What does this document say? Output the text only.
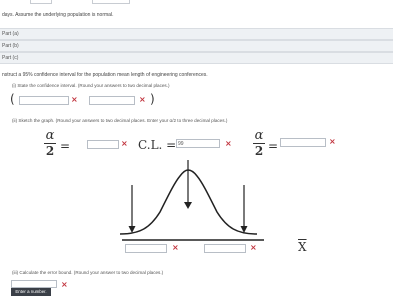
days. Assume the underlying population is normal.
Part (a)
Part (b)
Part (c)
nstruct a 95% confidence interval for the population mean length of engineering conferences.
(i) State the confidence interval. (Round your answers to two decimal places.)
(	×	× )
(ii) Sketch the graph. (Round your answers to two decimal places. Enter your α/2 to three decimal places.)
α
2 =	× C.L. =
99	×
α
2 =	×
×	×	$\overline{X}$
(iii) Calculate the error bound. (Round your answer to two decimal places.)
×
Enter a number.
